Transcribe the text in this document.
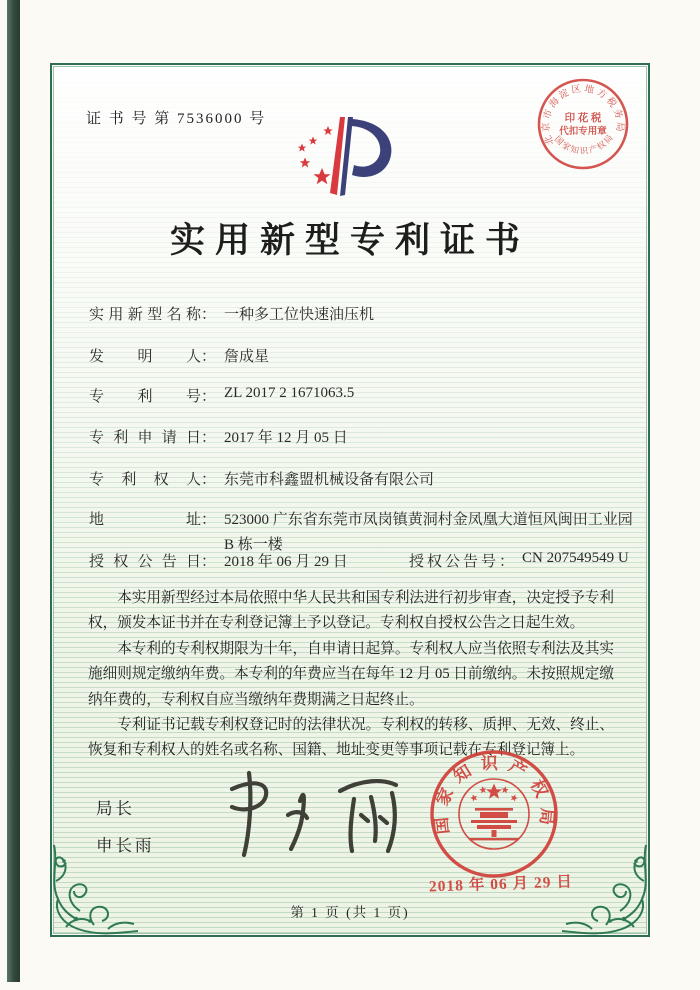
证 书 号 第 7536000 号
北京市海淀区地方税务局
国家知识产权局
印 花 税
代扣专用章
实用新型专利证书
实用新型名称： 一种多工位快速油压机
发明人： 詹成星
专利号： ZL 2017 2 1671063.5
专利申请日： 2017 年 12 月 05 日
专利权人： 东莞市科鑫盟机械设备有限公司
地址： 523000 广东省东莞市凤岗镇黄洞村金凤凰大道恒风闽田工业园 B 栋一楼
授权公告日： 2018 年 06 月 29 日	授权公告号： CN 207549549 U

本实用新型经过本局依照中华人民共和国专利法进行初步审查，决定授予专利权，颁发本证书并在专利登记簿上予以登记。专利权自授权公告之日起生效。

本专利的专利权期限为十年，自申请日起算。专利权人应当依照专利法及其实施细则规定缴纳年费。本专利的年费应当在每年 12 月 05 日前缴纳。未按照规定缴纳年费的，专利权自应当缴纳年费期满之日起终止。

专利证书记载专利权登记时的法律状况。专利权的转移、质押、无效、终止、恢复和专利权人的姓名或名称、国籍、地址变更等事项记载在专利登记簿上。

局长
申长雨
国家知识产权局
2018 年 06 月 29 日
第 1 页 (共 1 页)
